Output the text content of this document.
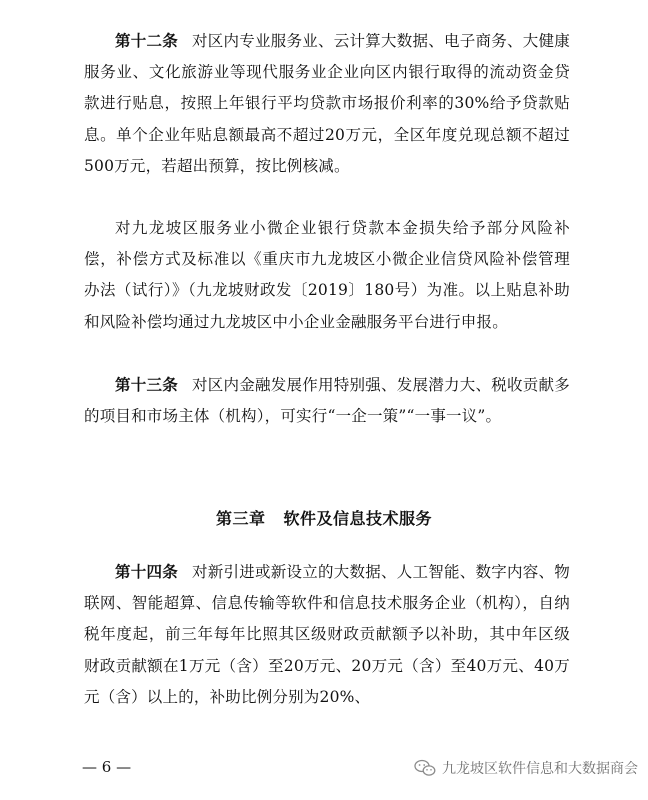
第十二条 对区内专业服务业、云计算大数据、电子商务、大健康服务业、文化旅游业等现代服务业企业向区内银行取得的流动资金贷款进行贴息，按照上年银行平均贷款市场报价利率的30%给予贷款贴息。单个企业年贴息额最高不超过20万元，全区年度兑现总额不超过500万元，若超出预算，按比例核减。

对九龙坡区服务业小微企业银行贷款本金损失给予部分风险补偿，补偿方式及标准以《重庆市九龙坡区小微企业信贷风险补偿管理办法（试行）》（九龙坡财政发〔2019〕180号）为准。以上贴息补助和风险补偿均通过九龙坡区中小企业金融服务平台进行申报。

第十三条 对区内金融发展作用特别强、发展潜力大、税收贡献多的项目和市场主体（机构），可实行“一企一策”“一事一议”。

第三章 软件及信息技术服务

第十四条 对新引进或新设立的大数据、人工智能、数字内容、物联网、智能超算、信息传输等软件和信息技术服务企业（机构），自纳税年度起，前三年每年比照其区级财政贡献额予以补助，其中年区级财政贡献额在1万元（含）至20万元、20万元（含）至40万元、40万元（含）以上的，补助比例分别为20%、

— 6 —	九龙坡区软件信息和大数据商会
